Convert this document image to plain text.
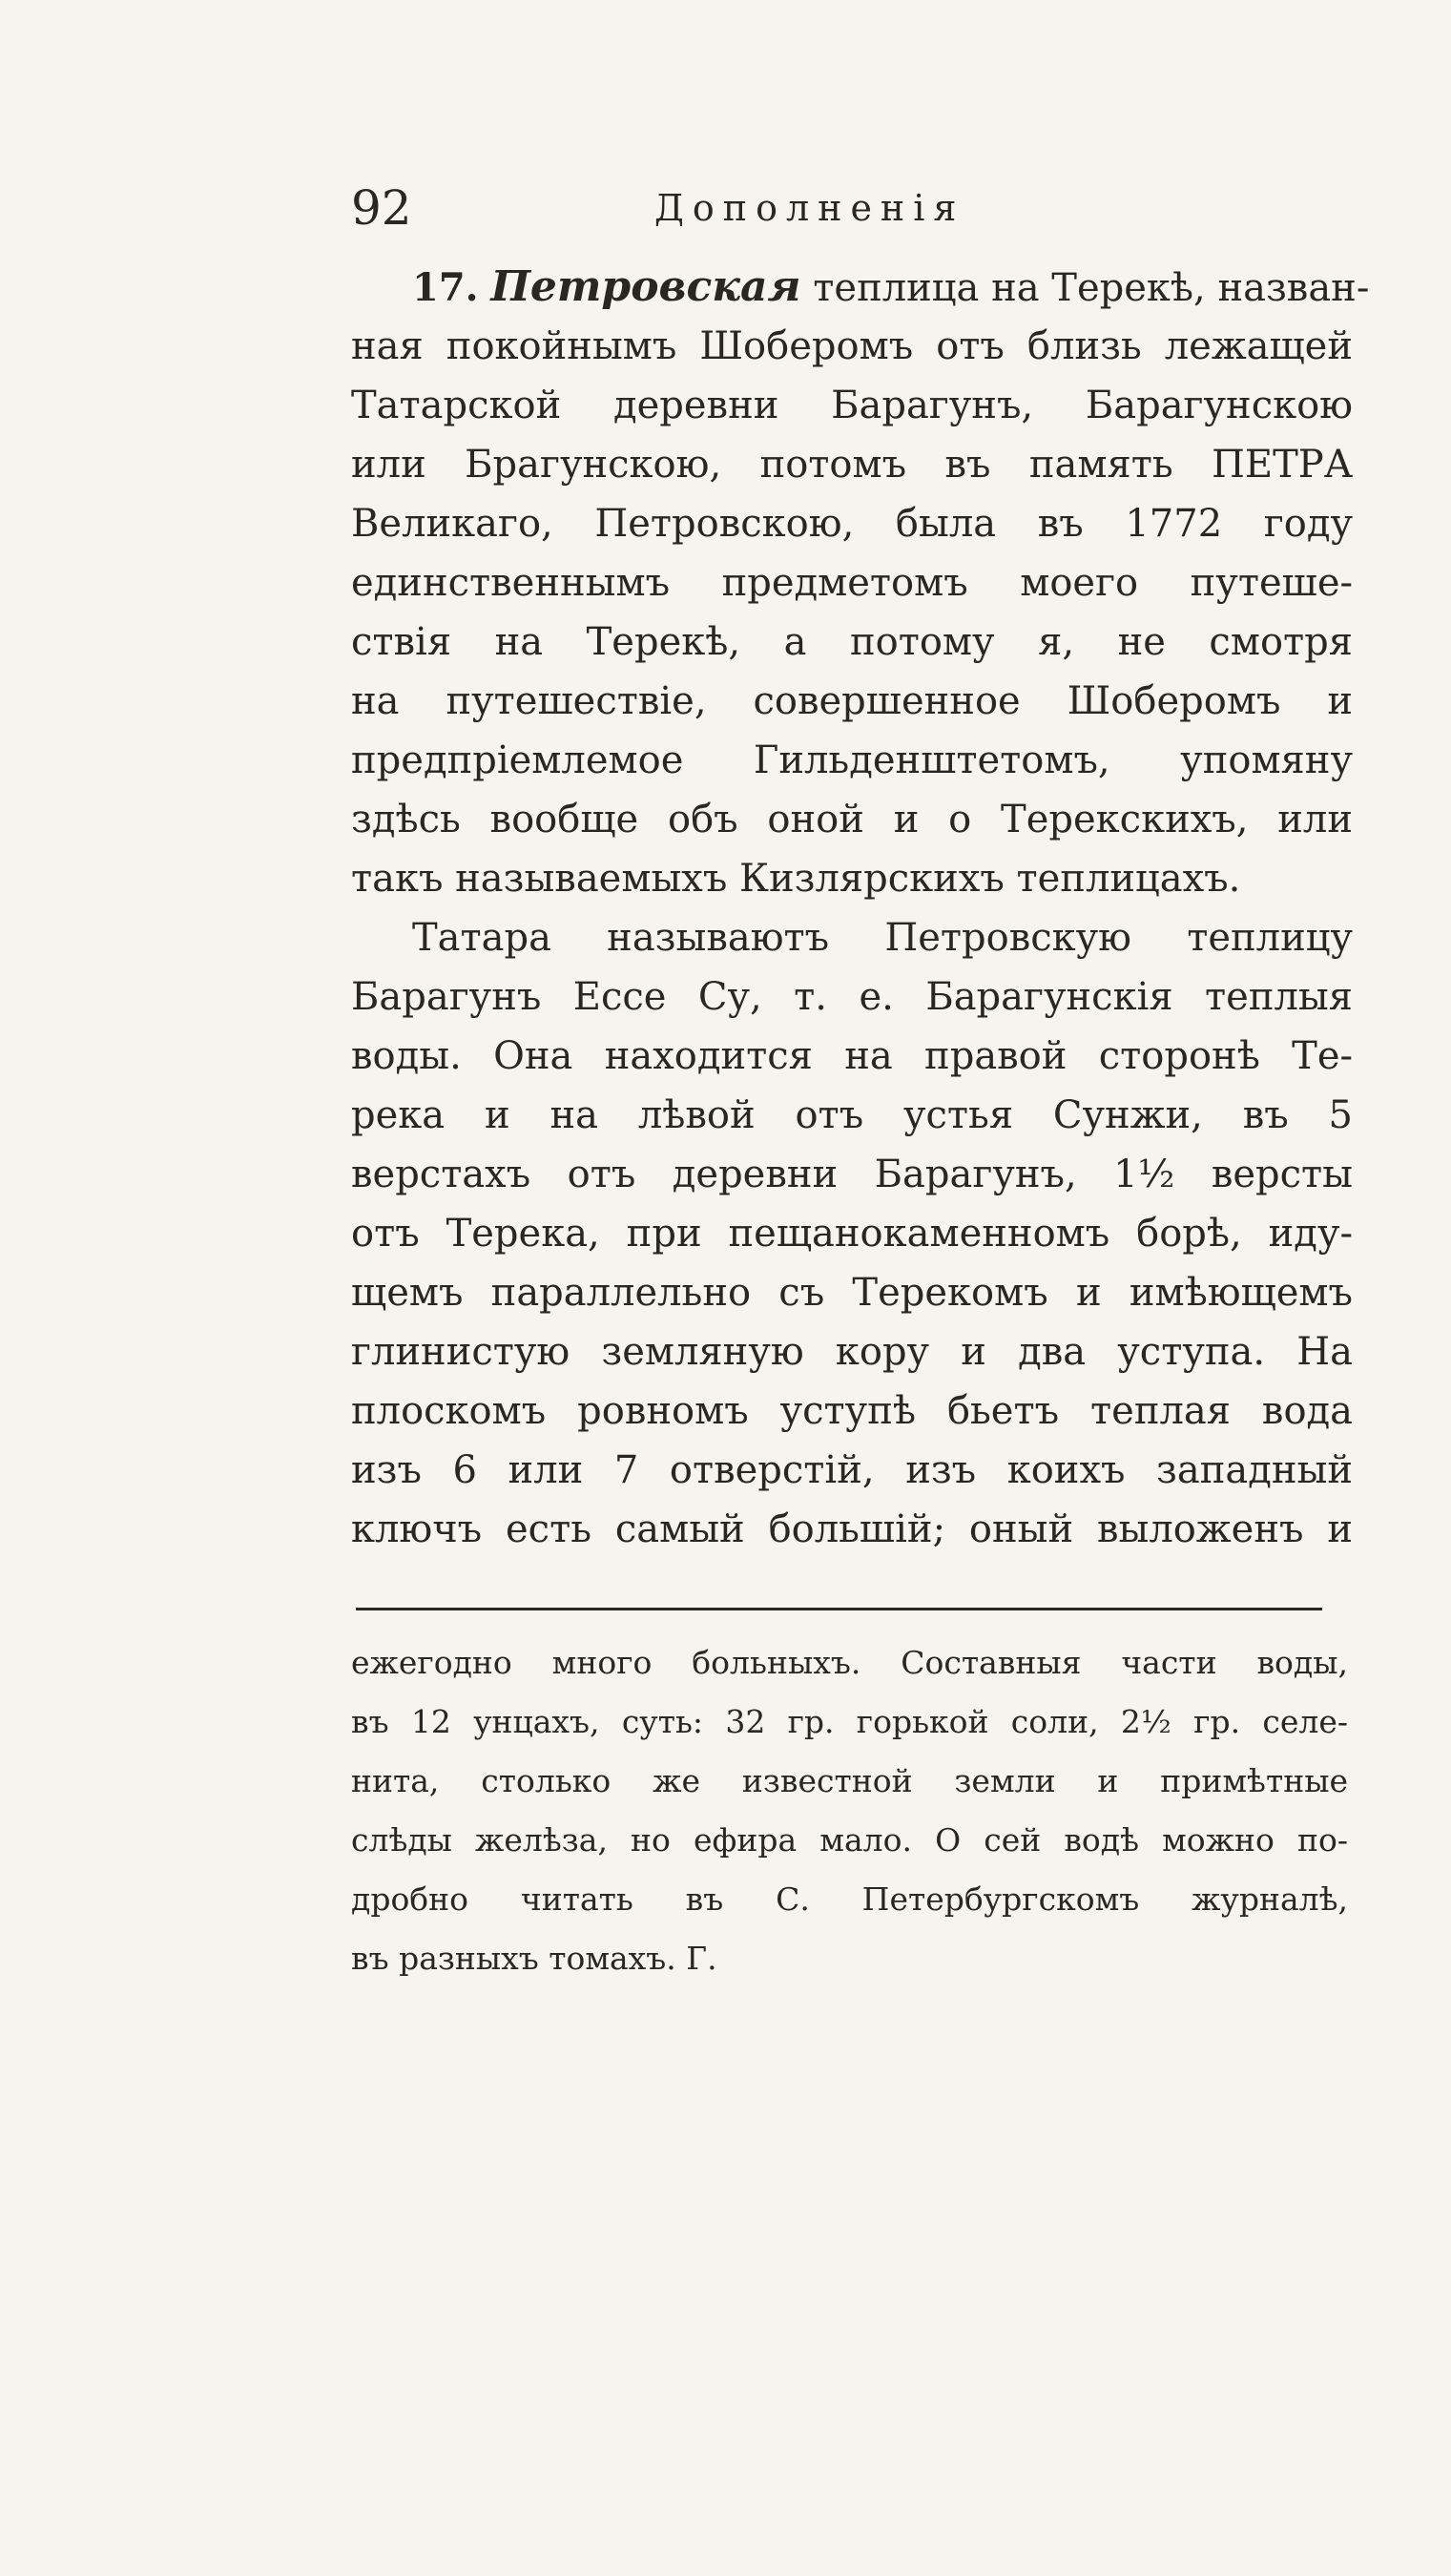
92	Дополненія
17. Петровская теплица на Терекѣ, назван-
ная покойнымъ Шоберомъ отъ близь лежащей
Татарской деревни Барагунъ, Барагунскою
или Брагунскою, потомъ въ память ПЕТРА
Великаго, Петровскою, была въ 1772 году
единственнымъ предметомъ моего путеше-
ствія на Терекѣ, а потому я, не смотря
на путешествіе, совершенное Шоберомъ и
предпріемлемое Гильденштетомъ, упомяну
здѣсь вообще объ оной и о Терекскихъ, или
такъ называемыхъ Кизлярскихъ теплицахъ.
Татара называютъ Петровскую теплицу
Барагунъ Ессе Су, т. е. Барагунскія теплыя
воды. Она находится на правой сторонѣ Те-
река и на лѣвой отъ устья Сунжи, въ 5
верстахъ отъ деревни Барагунъ, 1½ версты
отъ Терека, при пещанокаменномъ борѣ, иду-
щемъ параллельно съ Терекомъ и имѣющемъ
глинистую земляную кору и два уступа. На
плоскомъ ровномъ уступѣ бьетъ теплая вода
изъ 6 или 7 отверстій, изъ коихъ западный
ключъ есть самый большій; оный выложенъ и
ежегодно много больныхъ. Составныя части воды,
въ 12 унцахъ, суть: 32 гр. горькой соли, 2½ гр. селе-
нита, столько же известной земли и примѣтные
слѣды желѣза, но ефира мало. О сей водѣ можно по-
дробно читать въ С. Петербургскомъ журналѣ,
въ разныхъ томахъ. Г.
